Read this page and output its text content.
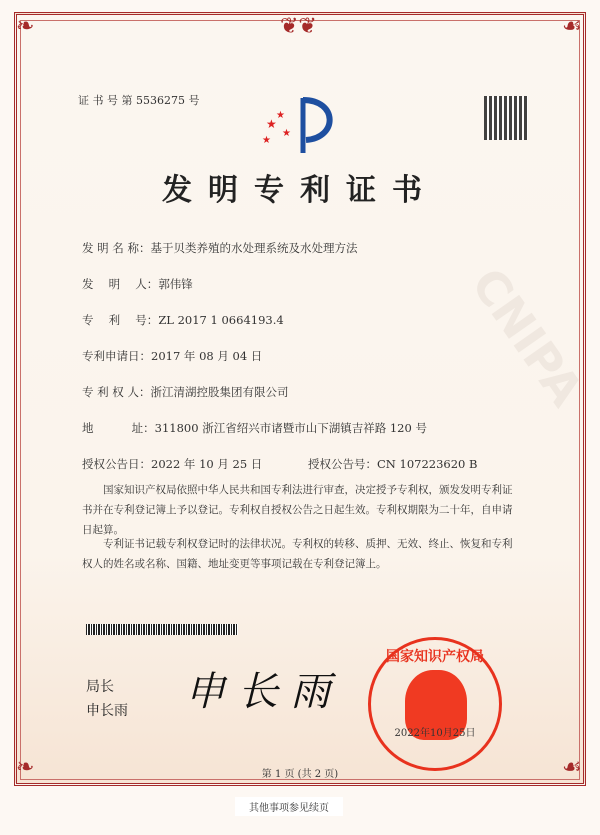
❦❦
❧	☙
❧	☙
CNIPA
证 书 号 第 5536275 号
★
★
★
★
发明专利证书
发 明 名 称：基于贝类养殖的水处理系统及水处理方法
发　 明 　人：郭伟锋
专　 利 　号：ZL 2017 1 0664193.4
专利申请日：2017 年 08 月 04 日
专 利 权 人：浙江清湖控股集团有限公司
地　　　 址：311800 浙江省绍兴市诸暨市山下湖镇吉祥路 120 号
授权公告日：2022 年 10 月 25 日	授权公告号：CN 107223620 B
国家知识产权局依照中华人民共和国专利法进行审查，决定授予专利权，颁发发明专利证书并在专利登记簿上予以登记。专利权自授权公告之日起生效。专利权期限为二十年，自申请日起算。
专利证书记载专利权登记时的法律状况。专利权的转移、质押、无效、终止、恢复和专利权人的姓名或名称、国籍、地址变更等事项记载在专利登记簿上。
局长
申长雨 申 长 雨
国家知识产权局
2022年10月25日
第 1 页 (共 2 页)
其他事项参见续页
